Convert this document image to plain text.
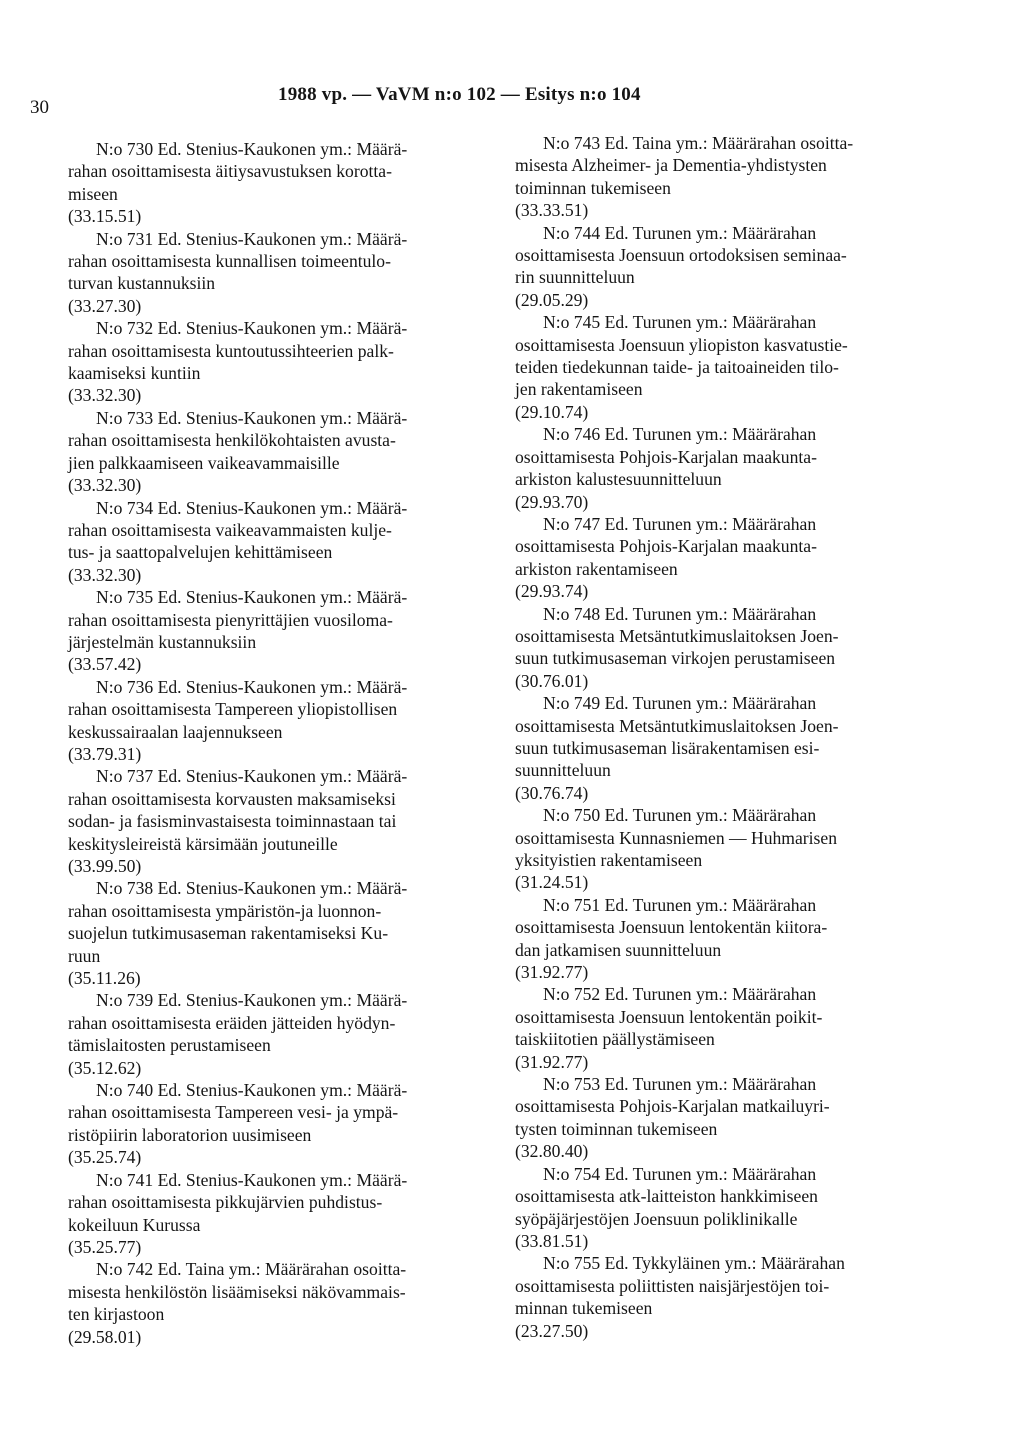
30
1988 vp. — VaVM n:o 102 — Esitys n:o 104
N:o 730 Ed. Stenius-Kaukonen ym.: Määrä-
rahan osoittamisesta äitiysavustuksen korotta-
miseen
(33.15.51)
N:o 731 Ed. Stenius-Kaukonen ym.: Määrä-
rahan osoittamisesta kunnallisen toimeentulo-
turvan kustannuksiin
(33.27.30)
N:o 732 Ed. Stenius-Kaukonen ym.: Määrä-
rahan osoittamisesta kuntoutussihteerien palk-
kaamiseksi kuntiin
(33.32.30)
N:o 733 Ed. Stenius-Kaukonen ym.: Määrä-
rahan osoittamisesta henkilökohtaisten avusta-
jien palkkaamiseen vaikeavammaisille
(33.32.30)
N:o 734 Ed. Stenius-Kaukonen ym.: Määrä-
rahan osoittamisesta vaikeavammaisten kulje-
tus- ja saattopalvelujen kehittämiseen
(33.32.30)
N:o 735 Ed. Stenius-Kaukonen ym.: Määrä-
rahan osoittamisesta pienyrittäjien vuosiloma-
järjestelmän kustannuksiin
(33.57.42)
N:o 736 Ed. Stenius-Kaukonen ym.: Määrä-
rahan osoittamisesta Tampereen yliopistollisen
keskussairaalan laajennukseen
(33.79.31)
N:o 737 Ed. Stenius-Kaukonen ym.: Määrä-
rahan osoittamisesta korvausten maksamiseksi
sodan- ja fasisminvastaisesta toiminnastaan tai
keskitysleireistä kärsimään joutuneille
(33.99.50)
N:o 738 Ed. Stenius-Kaukonen ym.: Määrä-
rahan osoittamisesta ympäristön-ja luonnon-
suojelun tutkimusaseman rakentamiseksi Ku-
ruun
(35.11.26)
N:o 739 Ed. Stenius-Kaukonen ym.: Määrä-
rahan osoittamisesta eräiden jätteiden hyödyn-
tämislaitosten perustamiseen
(35.12.62)
N:o 740 Ed. Stenius-Kaukonen ym.: Määrä-
rahan osoittamisesta Tampereen vesi- ja ympä-
ristöpiirin laboratorion uusimiseen
(35.25.74)
N:o 741 Ed. Stenius-Kaukonen ym.: Määrä-
rahan osoittamisesta pikkujärvien puhdistus-
kokeiluun Kurussa
(35.25.77)
N:o 742 Ed. Taina ym.: Määrärahan osoitta-
misesta henkilöstön lisäämiseksi näkövammais-
ten kirjastoon
(29.58.01)
N:o 743 Ed. Taina ym.: Määrärahan osoitta-
misesta Alzheimer- ja Dementia-yhdistysten
toiminnan tukemiseen
(33.33.51)
N:o 744 Ed. Turunen ym.: Määrärahan
osoittamisesta Joensuun ortodoksisen seminaa-
rin suunnitteluun
(29.05.29)
N:o 745 Ed. Turunen ym.: Määrärahan
osoittamisesta Joensuun yliopiston kasvatustie-
teiden tiedekunnan taide- ja taitoaineiden tilo-
jen rakentamiseen
(29.10.74)
N:o 746 Ed. Turunen ym.: Määrärahan
osoittamisesta Pohjois-Karjalan maakunta-
arkiston kalustesuunnitteluun
(29.93.70)
N:o 747 Ed. Turunen ym.: Määrärahan
osoittamisesta Pohjois-Karjalan maakunta-
arkiston rakentamiseen
(29.93.74)
N:o 748 Ed. Turunen ym.: Määrärahan
osoittamisesta Metsäntutkimuslaitoksen Joen-
suun tutkimusaseman virkojen perustamiseen
(30.76.01)
N:o 749 Ed. Turunen ym.: Määrärahan
osoittamisesta Metsäntutkimuslaitoksen Joen-
suun tutkimusaseman lisärakentamisen esi-
suunnitteluun
(30.76.74)
N:o 750 Ed. Turunen ym.: Määrärahan
osoittamisesta Kunnasniemen — Huhmarisen
yksityistien rakentamiseen
(31.24.51)
N:o 751 Ed. Turunen ym.: Määrärahan
osoittamisesta Joensuun lentokentän kiitora-
dan jatkamisen suunnitteluun
(31.92.77)
N:o 752 Ed. Turunen ym.: Määrärahan
osoittamisesta Joensuun lentokentän poikit-
taiskiitotien päällystämiseen
(31.92.77)
N:o 753 Ed. Turunen ym.: Määrärahan
osoittamisesta Pohjois-Karjalan matkailuyri-
tysten toiminnan tukemiseen
(32.80.40)
N:o 754 Ed. Turunen ym.: Määrärahan
osoittamisesta atk-laitteiston hankkimiseen
syöpäjärjestöjen Joensuun poliklinikalle
(33.81.51)
N:o 755 Ed. Tykkyläinen ym.: Määrärahan
osoittamisesta poliittisten naisjärjestöjen toi-
minnan tukemiseen
(23.27.50)
